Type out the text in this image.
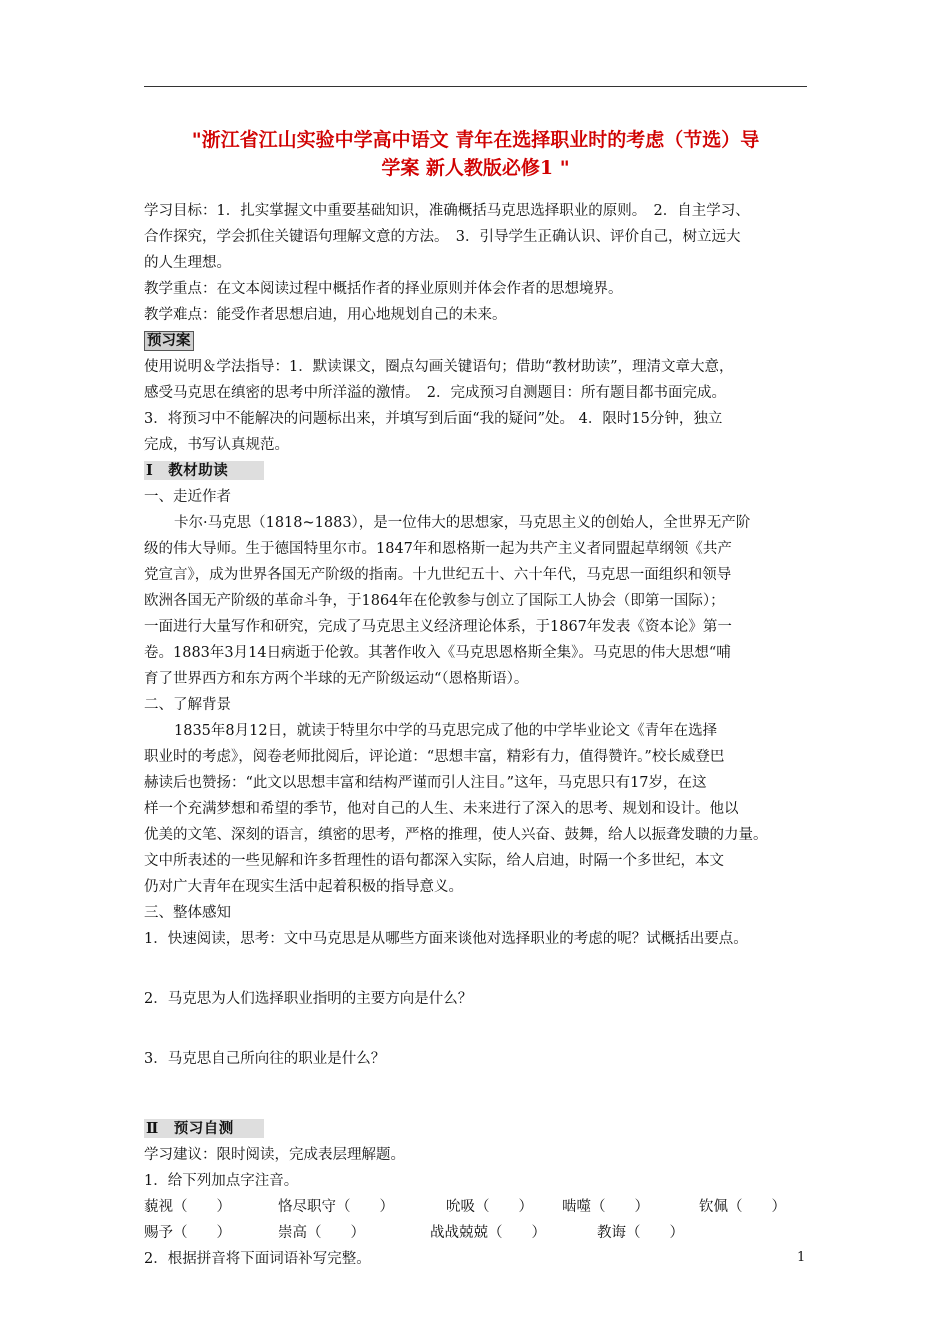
"浙江省江山实验中学高中语文 青年在选择职业时的考虑（节选）导
学案 新人教版必修1 "

学习目标：1．扎实掌握文中重要基础知识，准确概括马克思选择职业的原则。　2．自主学习、

合作探究，学会抓住关键语句理解文意的方法。　3．引导学生正确认识、评价自己，树立远大

的人生理想。

教学重点：在文本阅读过程中概括作者的择业原则并体会作者的思想境界。

教学难点：能受作者思想启迪，用心地规划自己的未来。

预习案

使用说明＆学法指导：1．默读课文，圈点勾画关键语句；借助“教材助读”，理清文章大意，

感受马克思在缜密的思考中所洋溢的激情。　2．完成预习自测题目：所有题目都书面完成。

3．将预习中不能解决的问题标出来，并填写到后面“我的疑问”处。 4．限时15分钟，独立

完成，书写认真规范。

Ⅰ　教材助读

一、走近作者

卡尔·马克思（1818~1883），是一位伟大的思想家，马克思主义的创始人，全世界无产阶

级的伟大导师。生于德国特里尔市。1847年和恩格斯一起为共产主义者同盟起草纲领《共产

党宣言》，成为世界各国无产阶级的指南。十九世纪五十、六十年代，马克思一面组织和领导

欧洲各国无产阶级的革命斗争，于1864年在伦敦参与创立了国际工人协会（即第一国际）；

一面进行大量写作和研究，完成了马克思主义经济理论体系，于1867年发表《资本论》第一

卷。1883年3月14日病逝于伦敦。其著作收入《马克思恩格斯全集》。马克思的伟大思想“哺

育了世界西方和东方两个半球的无产阶级运动“（恩格斯语）。

二、了解背景

1835年8月12日，就读于特里尔中学的马克思完成了他的中学毕业论文《青年在选择

职业时的考虑》，阅卷老师批阅后，评论道：“思想丰富，精彩有力，值得赞许。”校长威登巴

赫读后也赞扬：“此文以思想丰富和结构严谨而引人注目。”这年，马克思只有17岁，在这

样一个充满梦想和希望的季节，他对自己的人生、未来进行了深入的思考、规划和设计。他以

优美的文笔、深刻的语言，缜密的思考，严格的推理，使人兴奋、鼓舞，给人以振聋发聩的力量。

文中所表述的一些见解和许多哲理性的语句都深入实际，给人启迪，时隔一个多世纪，本文

仍对广大青年在现实生活中起着积极的指导意义。

三、整体感知

1．快速阅读，思考：文中马克思是从哪些方面来谈他对选择职业的考虑的呢？试概括出要点。

2．马克思为人们选择职业指明的主要方向是什么？

3．马克思自己所向往的职业是什么？

Ⅱ　预习自测

学习建议：限时阅读，完成表层理解题。

1．给下列加点字注音。

藐视（　　）	恪尽职守（　　）	吮吸（　　） 啮噬（　　）	钦佩（　　）
赐予（　　）	崇高（　　）	战战兢兢（　　）	教诲（　　）

2．根据拼音将下面词语补写完整。	1
